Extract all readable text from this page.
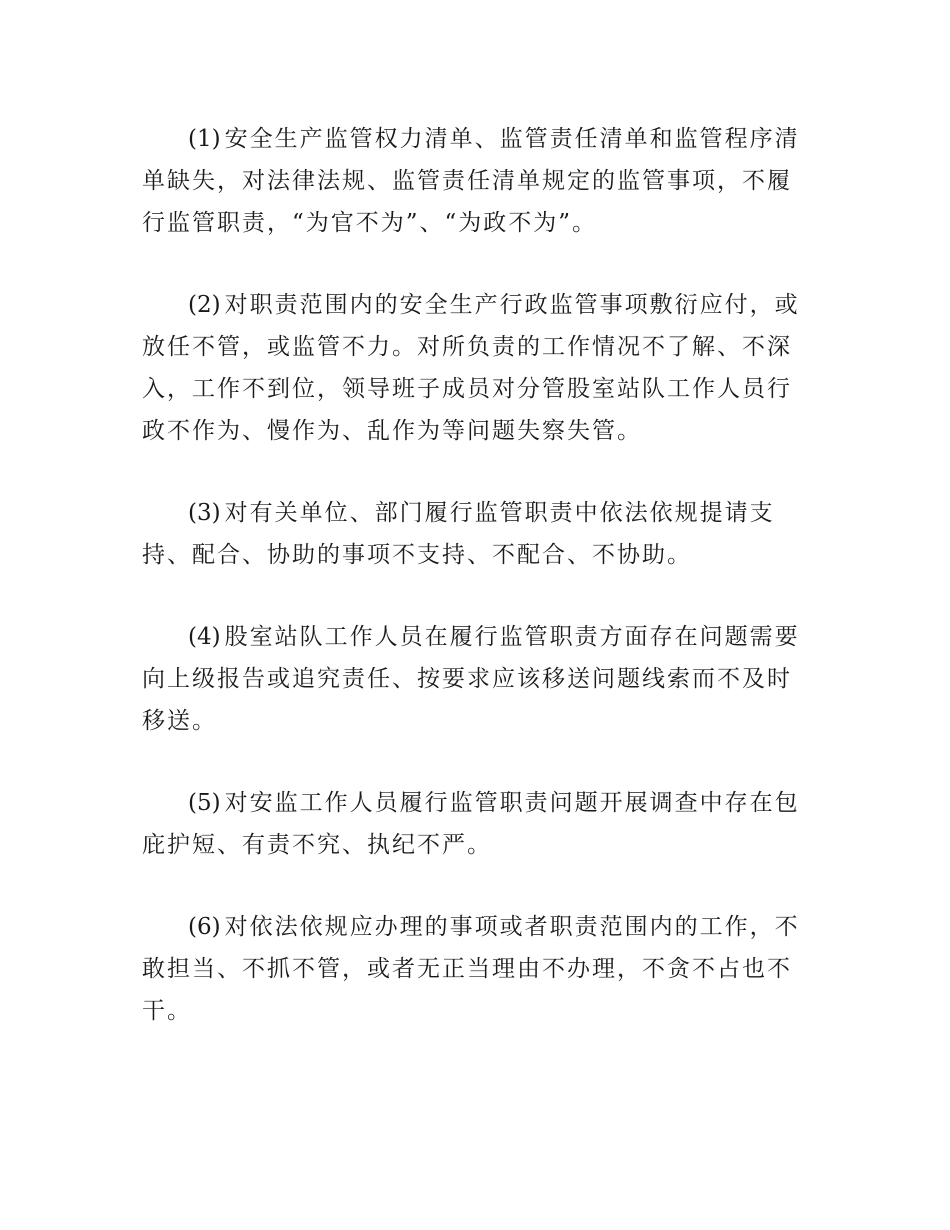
(1) 安全生产监管权力清单、监管责任清单和监管程序清单缺失，对法律法规、监管责任清单规定的监管事项，不履行监管职责，“为官不为”、“为政不为”。

(2) 对职责范围内的安全生产行政监管事项敷衍应付，或放任不管，或监管不力。对所负责的工作情况不了解、不深入，工作不到位，领导班子成员对分管股室站队工作人员行政不作为、慢作为、乱作为等问题失察失管。

(3) 对有关单位、部门履行监管职责中依法依规提请支持、配合、协助的事项不支持、不配合、不协助。

(4) 股室站队工作人员在履行监管职责方面存在问题需要向上级报告或追究责任、按要求应该移送问题线索而不及时移送。

(5) 对安监工作人员履行监管职责问题开展调查中存在包庇护短、有责不究、执纪不严。

(6) 对依法依规应办理的事项或者职责范围内的工作，不敢担当、不抓不管，或者无正当理由不办理，不贪不占也不干。
